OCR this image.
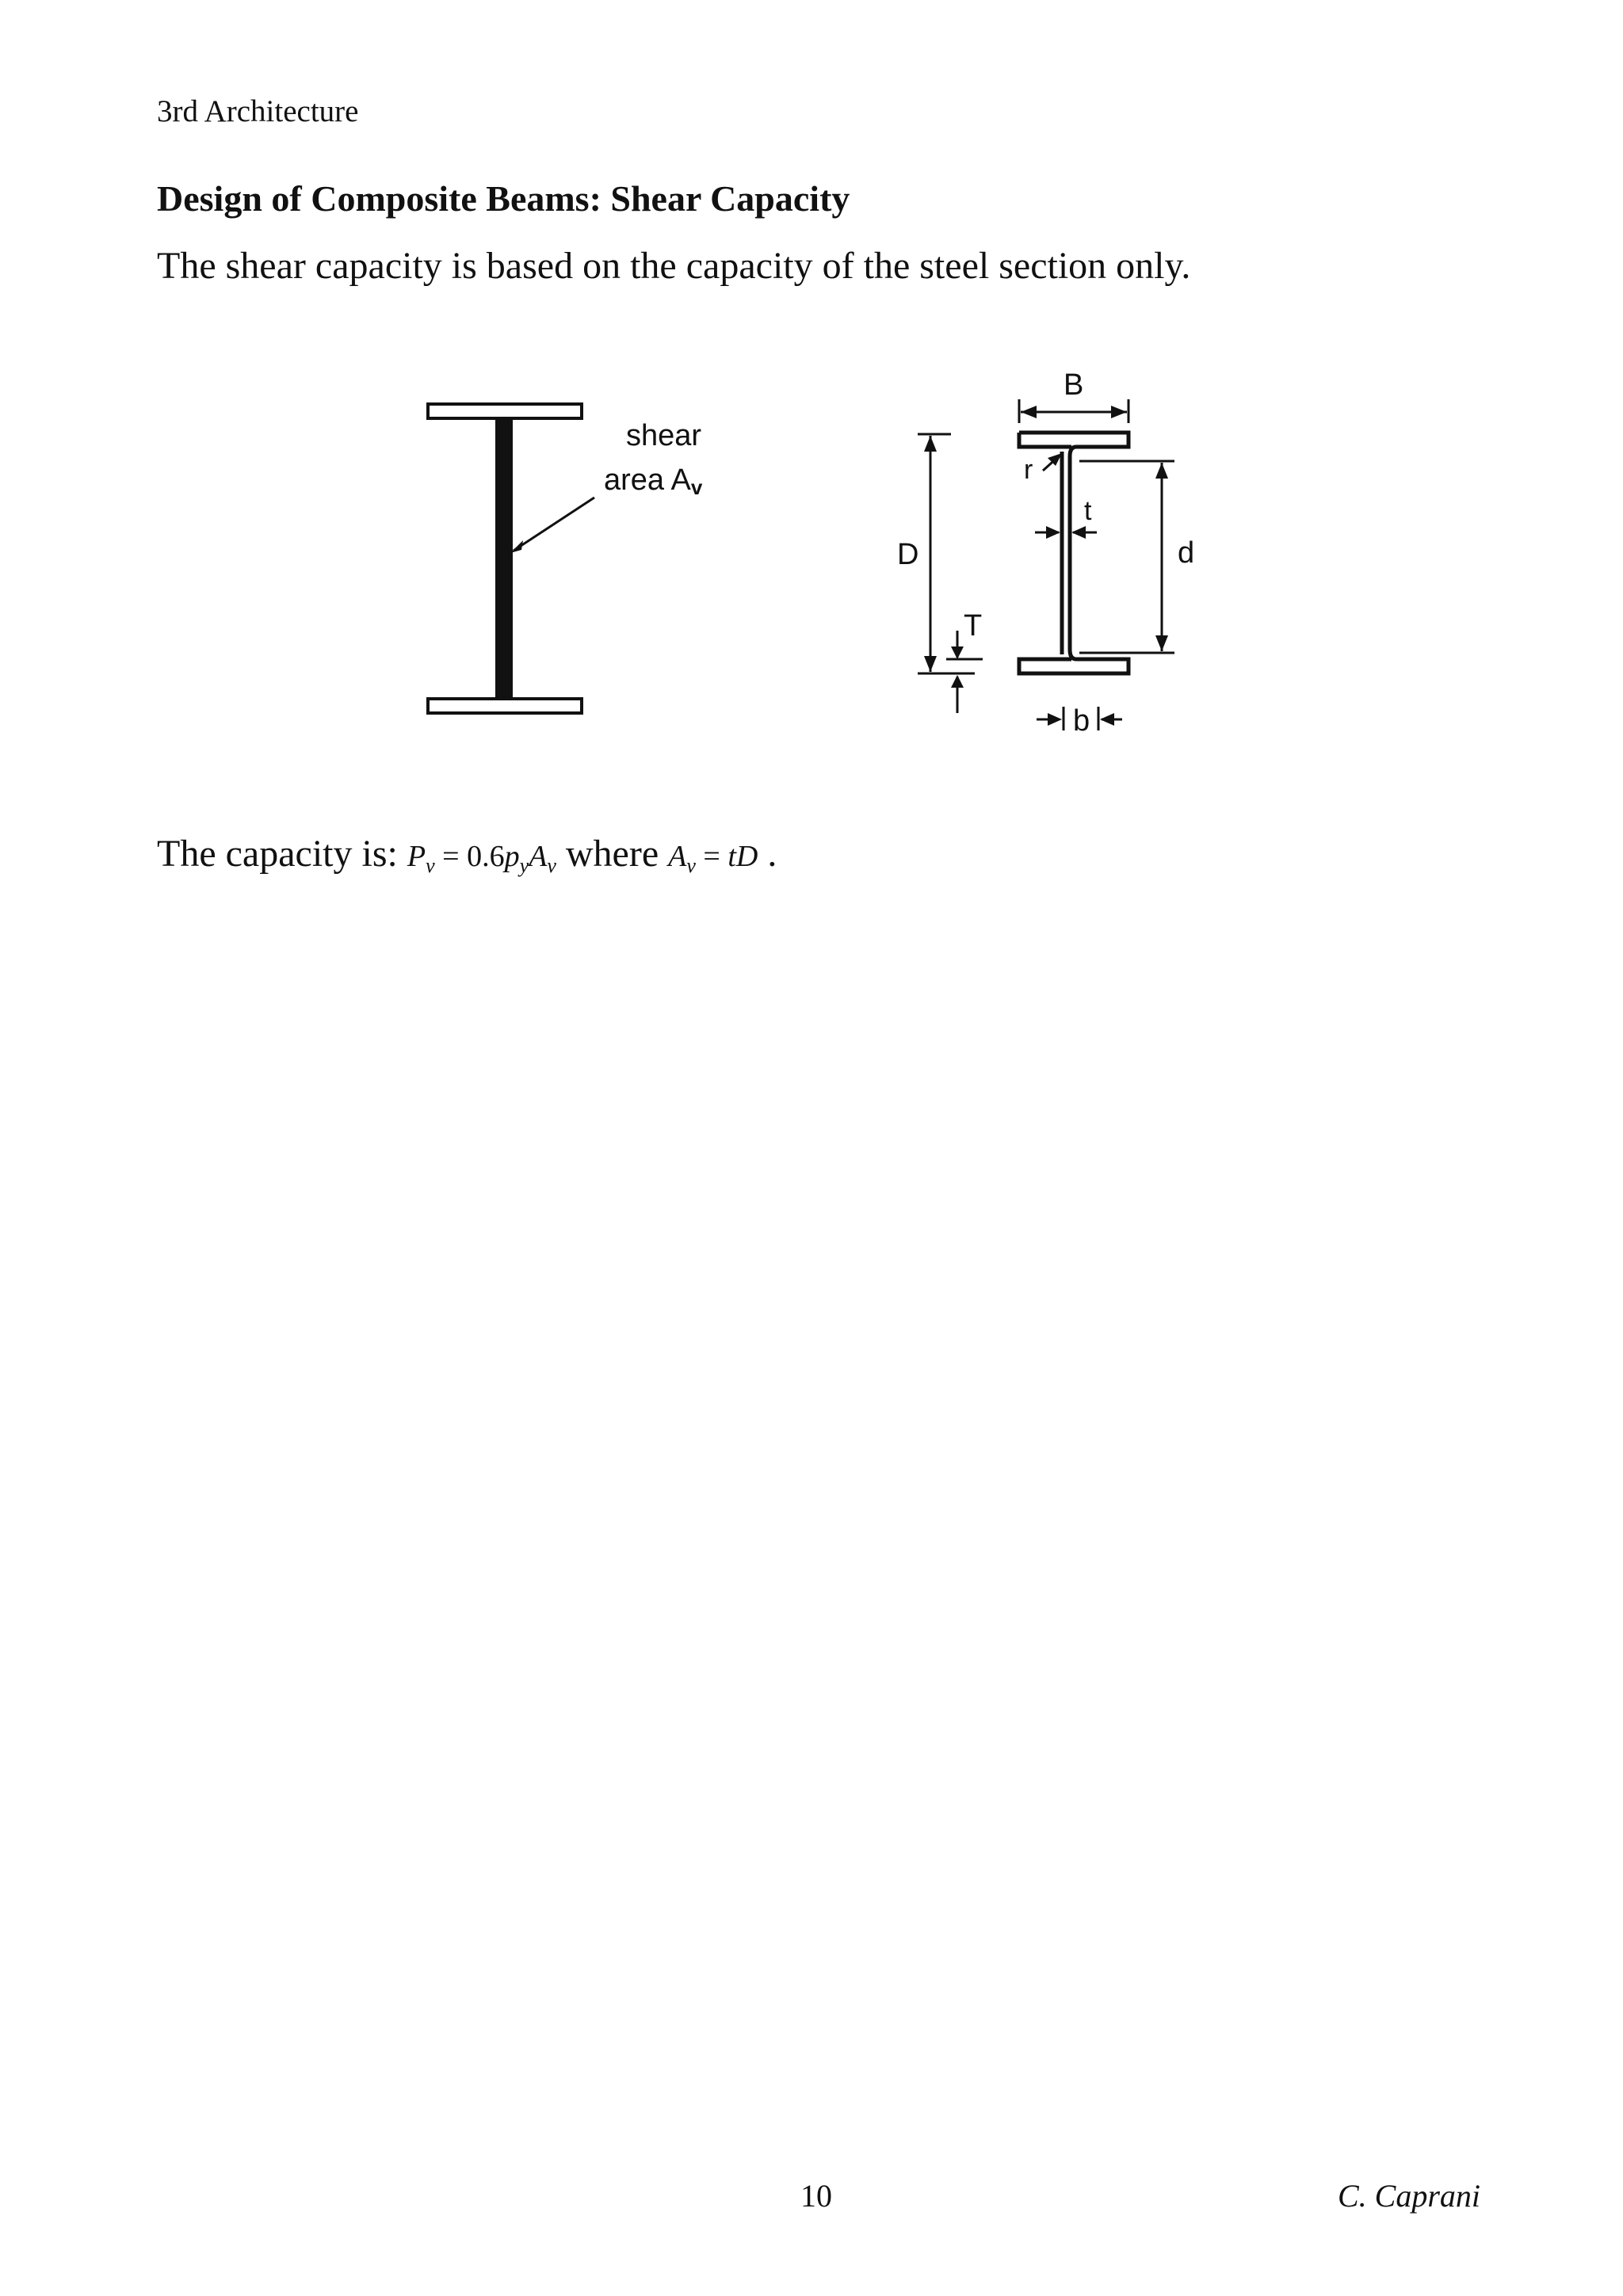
3rd Architecture
Design of Composite Beams: Shear Capacity
The shear capacity is based on the capacity of the steel section only.
shear
area Av
B
D	d
t
r
T
b
The capacity is: $P_v = 0.6p_yA_v$ where $A_v$ = tD .
10	C. Caprani
